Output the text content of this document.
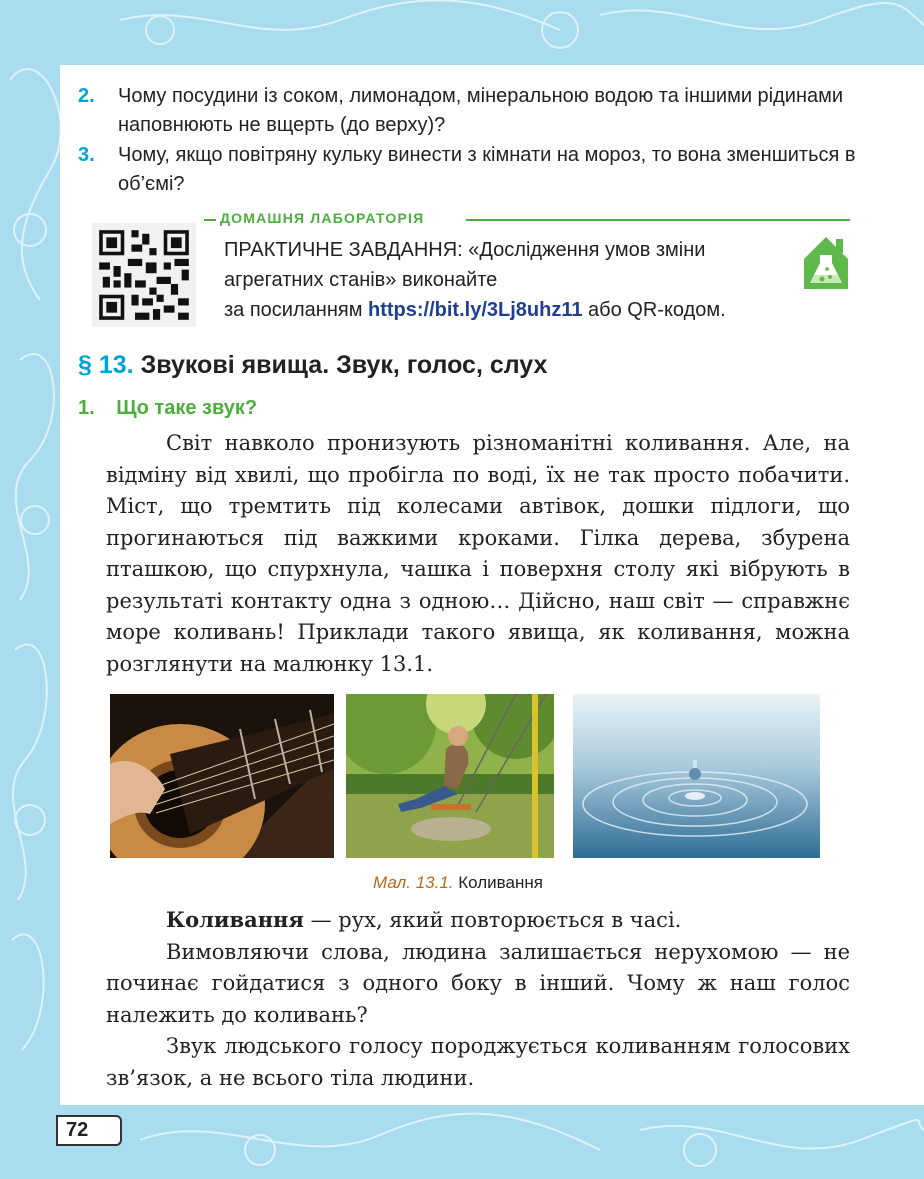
2. Чому посудини із соком, лимонадом, мінеральною водою та іншими рідинами наповнюють не вщерть (до верху)?
3. Чому, якщо повітряну кульку винести з кімнати на мороз, то вона зменшиться в об’ємі?
ДОМАШНЯ ЛАБОРАТОРІЯ
ПРАКТИЧНЕ ЗАВДАННЯ: «Дослідження умов зміни
агрегатних станів» виконайте
за посиланням https://bit.ly/3Lj8uhz11 або QR-кодом.
§ 13. Звукові явища. Звук, голос, слух
1. Що таке звук?

Світ навколо пронизують різноманітні коливання. Але, на відміну від хвилі, що пробігла по воді, їх не так просто побачити. Міст, що тремтить під колесами автівок, дошки підлоги, що прогинаються під важкими кроками. Гілка дерева, збурена пташкою, що спурхнула, чашка і поверхня столу які вібрують в результаті контакту одна з одною… Дійсно, наш світ — справжнє море коливань! Приклади такого явища, як коливання, можна розглянути на малюнку 13.1.

Мал. 13.1. Коливання

Коливання — рух, який повторюється в часі.

Вимовляючи слова, людина залишається нерухомою — не починає гойдатися з одного боку в інший. Чому ж наш голос належить до коливань?

Звук людського голосу породжується коливанням голосових зв’язок, а не всього тіла людини.

72
